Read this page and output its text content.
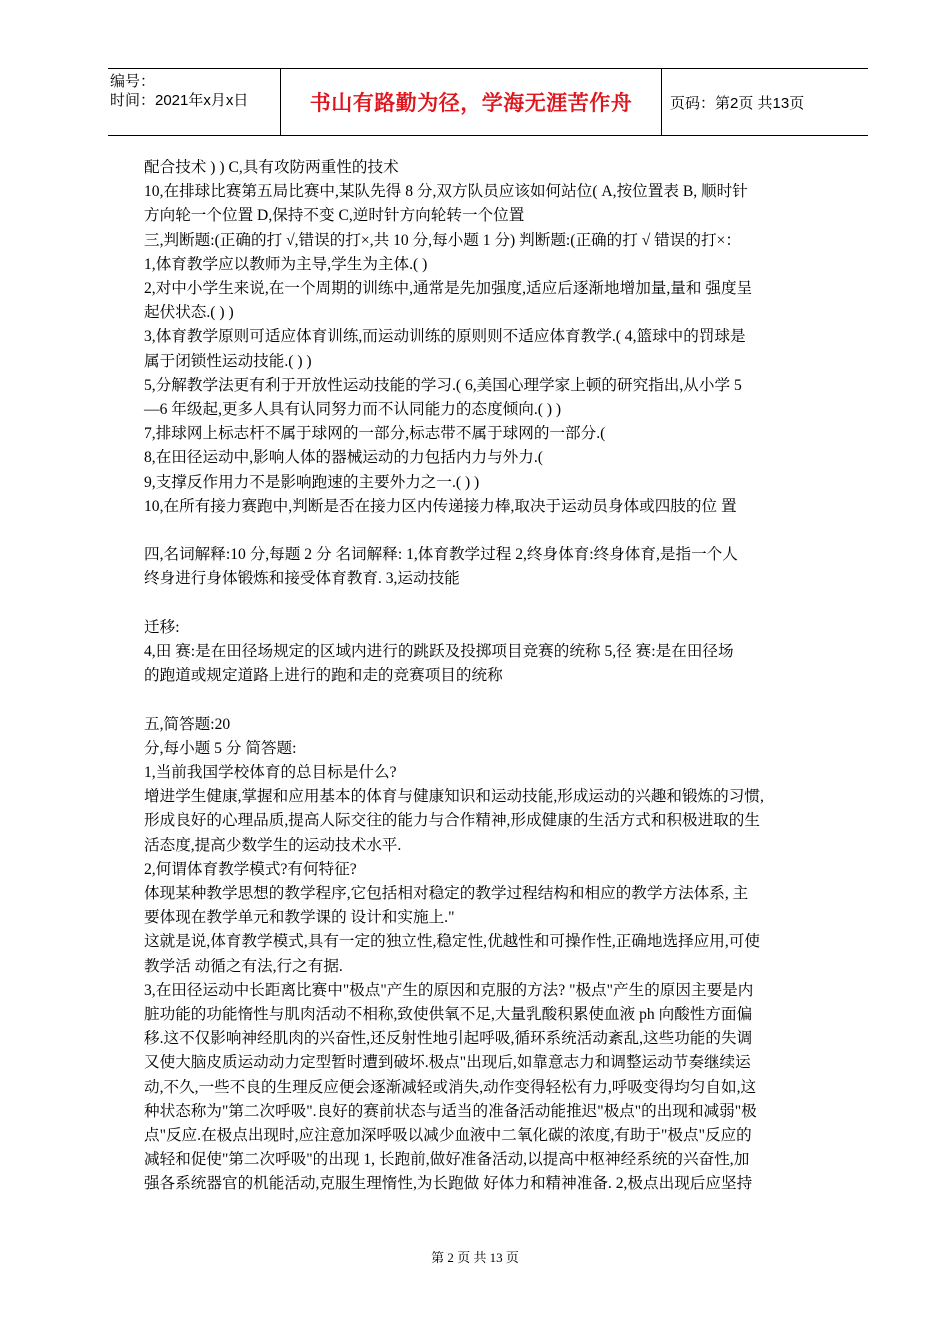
编号：
时间：2021年x月x日	书山有路勤为径，学海无涯苦作舟	页码：第2页 共13页

配合技术 ) ) C,具有攻防两重性的技术

10,在排球比赛第五局比赛中,某队先得 8 分,双方队员应该如何站位( A,按位置表 B, 顺时针

方向轮一个位置 D,保持不变 C,逆时针方向轮转一个位置

三,判断题:(正确的打 √,错误的打×,共 10 分,每小题 1 分) 判断题:(正确的打 √ 错误的打×：

1,体育教学应以教师为主导,学生为主体.( )

2,对中小学生来说,在一个周期的训练中,通常是先加强度,适应后逐渐地增加量,量和 强度呈

起伏状态.( ) )

3,体育教学原则可适应体育训练,而运动训练的原则则不适应体育教学.( 4,篮球中的罚球是

属于闭锁性运动技能.( ) )

5,分解教学法更有利于开放性运动技能的学习.( 6,美国心理学家上顿的研究指出,从小学 5

—6 年级起,更多人具有认同努力而不认同能力的态度倾向.( ) )

7,排球网上标志杆不属于球网的一部分,标志带不属于球网的一部分.(

8,在田径运动中,影响人体的器械运动的力包括内力与外力.(

9,支撑反作用力不是影响跑速的主要外力之一.( ) )

10,在所有接力赛跑中,判断是否在接力区内传递接力棒,取决于运动员身体或四肢的位 置

四,名词解释:10 分,每题 2 分 名词解释: 1,体育教学过程 2,终身体育:终身体育,是指一个人

终身进行身体锻炼和接受体育教育. 3,运动技能

迁移:

4,田 赛:是在田径场规定的区域内进行的跳跃及投掷项目竞赛的统称 5,径 赛:是在田径场

的跑道或规定道路上进行的跑和走的竞赛项目的统称

五,简答题:20

分,每小题 5 分 简答题:

1,当前我国学校体育的总目标是什么?

增进学生健康,掌握和应用基本的体育与健康知识和运动技能,形成运动的兴趣和锻炼的习惯,

形成良好的心理品质,提高人际交往的能力与合作精神,形成健康的生活方式和积极进取的生

活态度,提高少数学生的运动技术水平.

2,何谓体育教学模式?有何特征?

体现某种教学思想的教学程序,它包括相对稳定的教学过程结构和相应的教学方法体系, 主

要体现在教学单元和教学课的 设计和实施上."

这就是说,体育教学模式,具有一定的独立性,稳定性,优越性和可操作性,正确地选择应用,可使

教学活 动循之有法,行之有据.

3,在田径运动中长距离比赛中"极点"产生的原因和克服的方法? "极点"产生的原因主要是内

脏功能的功能惰性与肌肉活动不相称,致使供氧不足,大量乳酸积累使血液 ph 向酸性方面偏

移.这不仅影响神经肌肉的兴奋性,还反射性地引起呼吸,循环系统活动紊乱,这些功能的失调

又使大脑皮质运动动力定型暂时遭到破坏.极点"出现后,如靠意志力和调整运动节奏继续运

动,不久,一些不良的生理反应便会逐渐减轻或消失,动作变得轻松有力,呼吸变得均匀自如,这

种状态称为"第二次呼吸".良好的赛前状态与适当的准备活动能推迟"极点"的出现和减弱"极

点"反应.在极点出现时,应注意加深呼吸以减少血液中二氧化碳的浓度,有助于"极点"反应的

减轻和促使"第二次呼吸"的出现 1, 长跑前,做好准备活动,以提高中枢神经系统的兴奋性,加

强各系统器官的机能活动,克服生理惰性,为长跑做 好体力和精神准备. 2,极点出现后应坚持

第 2 页 共 13 页
